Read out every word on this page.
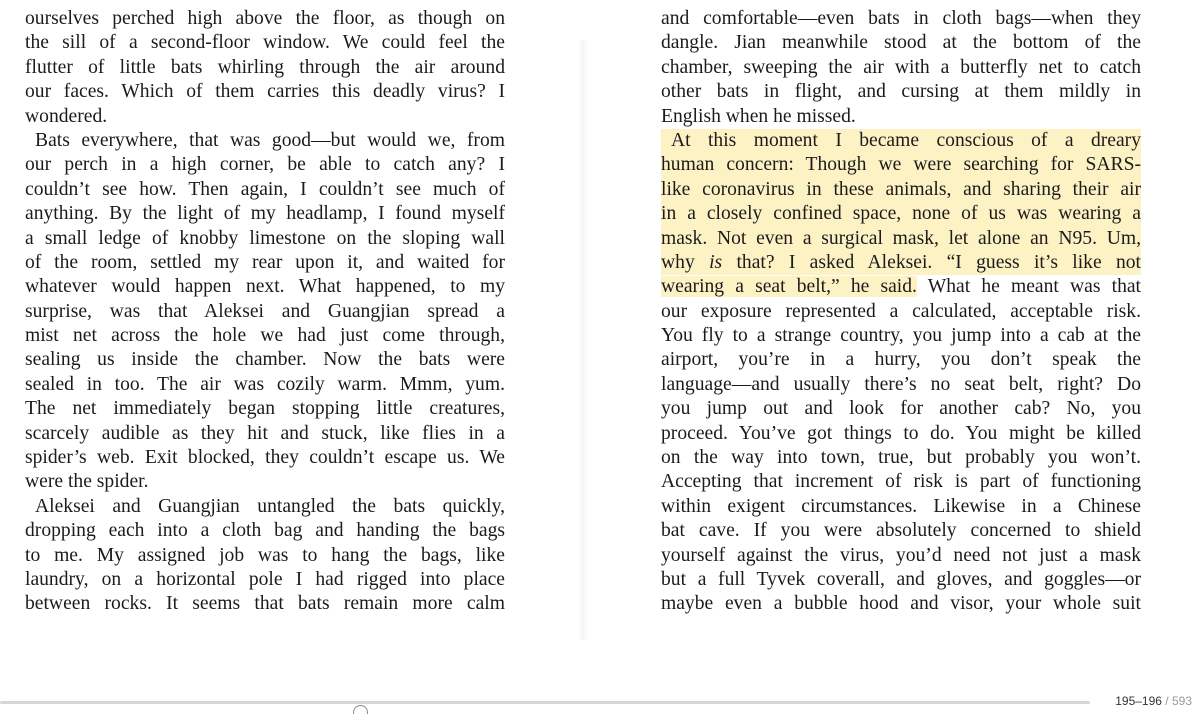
ourselves perched high above the floor, as though on
the sill of a second-floor window. We could feel the
flutter of little bats whirling through the air around
our faces. Which of them carries this deadly virus? I
wondered.
Bats everywhere, that was good—but would we, from
our perch in a high corner, be able to catch any? I
couldn’t see how. Then again, I couldn’t see much of
anything. By the light of my headlamp, I found myself
a small ledge of knobby limestone on the sloping wall
of the room, settled my rear upon it, and waited for
whatever would happen next. What happened, to my
surprise, was that Aleksei and Guangjian spread a
mist net across the hole we had just come through,
sealing us inside the chamber. Now the bats were
sealed in too. The air was cozily warm. Mmm, yum.
The net immediately began stopping little creatures,
scarcely audible as they hit and stuck, like flies in a
spider’s web. Exit blocked, they couldn’t escape us. We
were the spider.
Aleksei and Guangjian untangled the bats quickly,
dropping each into a cloth bag and handing the bags
to me. My assigned job was to hang the bags, like
laundry, on a horizontal pole I had rigged into place
between rocks. It seems that bats remain more calm
and comfortable—even bats in cloth bags—when they
dangle. Jian meanwhile stood at the bottom of the
chamber, sweeping the air with a butterfly net to catch
other bats in flight, and cursing at them mildly in
English when he missed.
At this moment I became conscious of a dreary
human concern: Though we were searching for SARS-
like coronavirus in these animals, and sharing their air
in a closely confined space, none of us was wearing a
mask. Not even a surgical mask, let alone an N95. Um,
why is that? I asked Aleksei. “I guess it’s like not
wearing a seat belt,” he said. What he meant was that
our exposure represented a calculated, acceptable risk.
You fly to a strange country, you jump into a cab at the
airport, you’re in a hurry, you don’t speak the
language—and usually there’s no seat belt, right? Do
you jump out and look for another cab? No, you
proceed. You’ve got things to do. You might be killed
on the way into town, true, but probably you won’t.
Accepting that increment of risk is part of functioning
within exigent circumstances. Likewise in a Chinese
bat cave. If you were absolutely concerned to shield
yourself against the virus, you’d need not just a mask
but a full Tyvek coverall, and gloves, and goggles—or
maybe even a bubble hood and visor, your whole suit
195–196 / 593
